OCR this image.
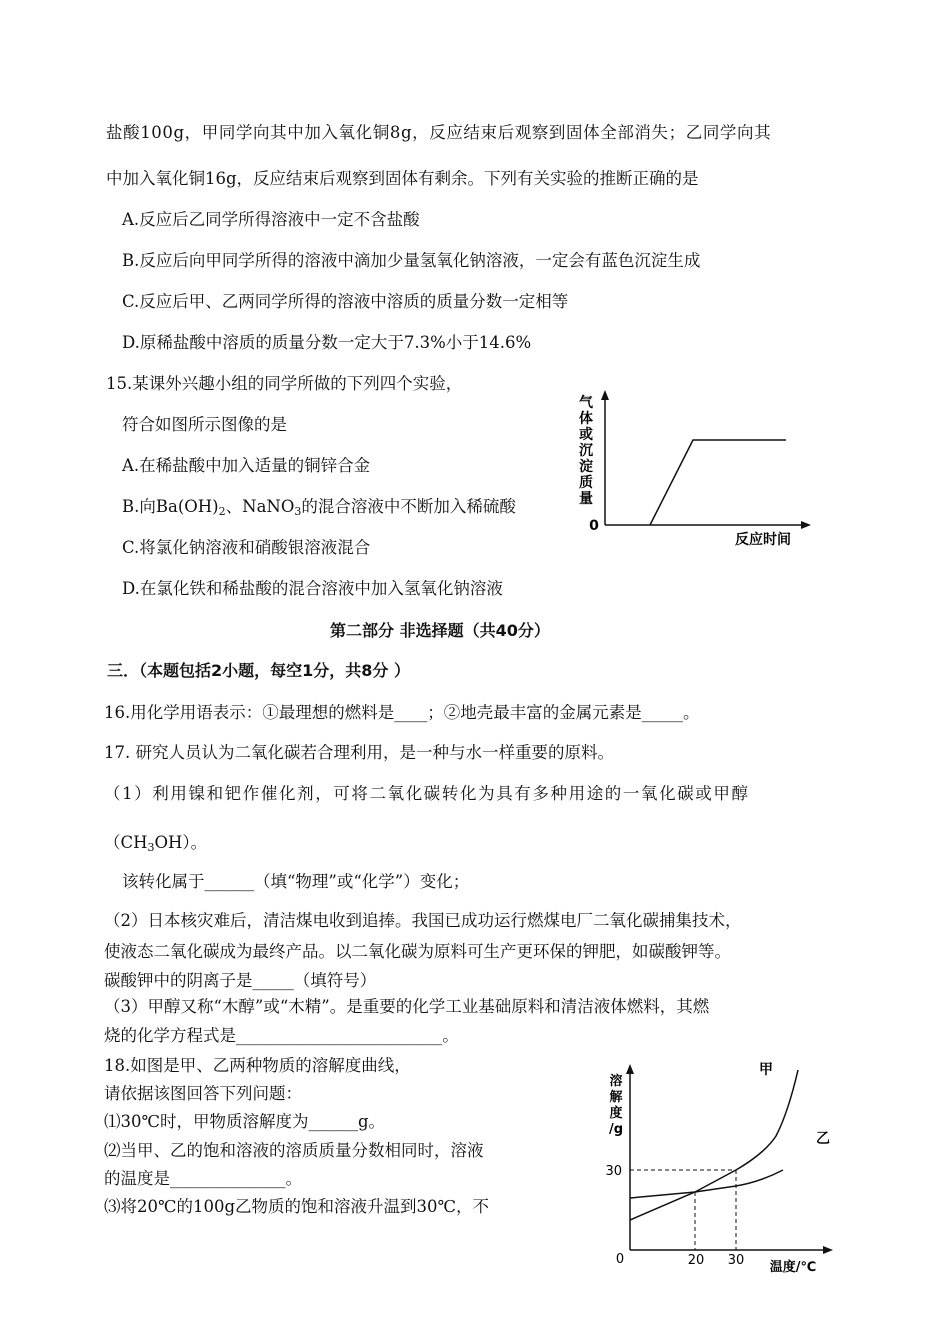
盐酸100g，甲同学向其中加入氧化铜8g，反应结束后观察到固体全部消失；乙同学向其
中加入氧化铜16g，反应结束后观察到固体有剩余。下列有关实验的推断正确的是
A.反应后乙同学所得溶液中一定不含盐酸
B.反应后向甲同学所得的溶液中滴加少量氢氧化钠溶液，一定会有蓝色沉淀生成
C.反应后甲、乙两同学所得的溶液中溶质的质量分数一定相等
D.原稀盐酸中溶质的质量分数一定大于7.3%小于14.6%
15.某课外兴趣小组的同学所做的下列四个实验，
符合如图所示图像的是
A.在稀盐酸中加入适量的铜锌合金
B.向$Ba(OH)_2$、NaNO$_3$的混合溶液中不断加入稀硫酸
C.将氯化钠溶液和硝酸银溶液混合
D.在氯化铁和稀盐酸的混合溶液中加入氢氧化钠溶液
气
体
或
沉
淀
质
量
0
反应时间
第二部分 非选择题（共40分）
三．（本题包括2小题，每空1分，共8分 ）
16.用化学用语表示：①最理想的燃料是____；②地壳最丰富的金属元素是_____。
17. 研究人员认为二氧化碳若合理利用，是一种与水一样重要的原料。
（1）利用镍和钯作催化剂，可将二氧化碳转化为具有多种用途的一氧化碳或甲醇
$(CH_3OH)$。
该转化属于______（填“物理”或“化学”）变化；
（2）日本核灾难后，清洁煤电收到追捧。我国已成功运行燃煤电厂二氧化碳捕集技术，
使液态二氧化碳成为最终产品。以二氧化碳为原料可生产更环保的钾肥，如碳酸钾等。
碳酸钾中的阴离子是_____（填符号）
（3）甲醇又称“木醇”或“木精”。是重要的化学工业基础原料和清洁液体燃料，其燃
烧的化学方程式是_________________________。
18.如图是甲、乙两种物质的溶解度曲线，
请依据该图回答下列问题：
⑴30℃时，甲物质溶解度为______g。
⑵当甲、乙的饱和溶液的溶质质量分数相同时，溶液
的温度是______________。
⑶将20℃的100g乙物质的饱和溶液升温到30℃，不
溶
解
度
/g
30
0	20 30 温度/℃
甲
乙
